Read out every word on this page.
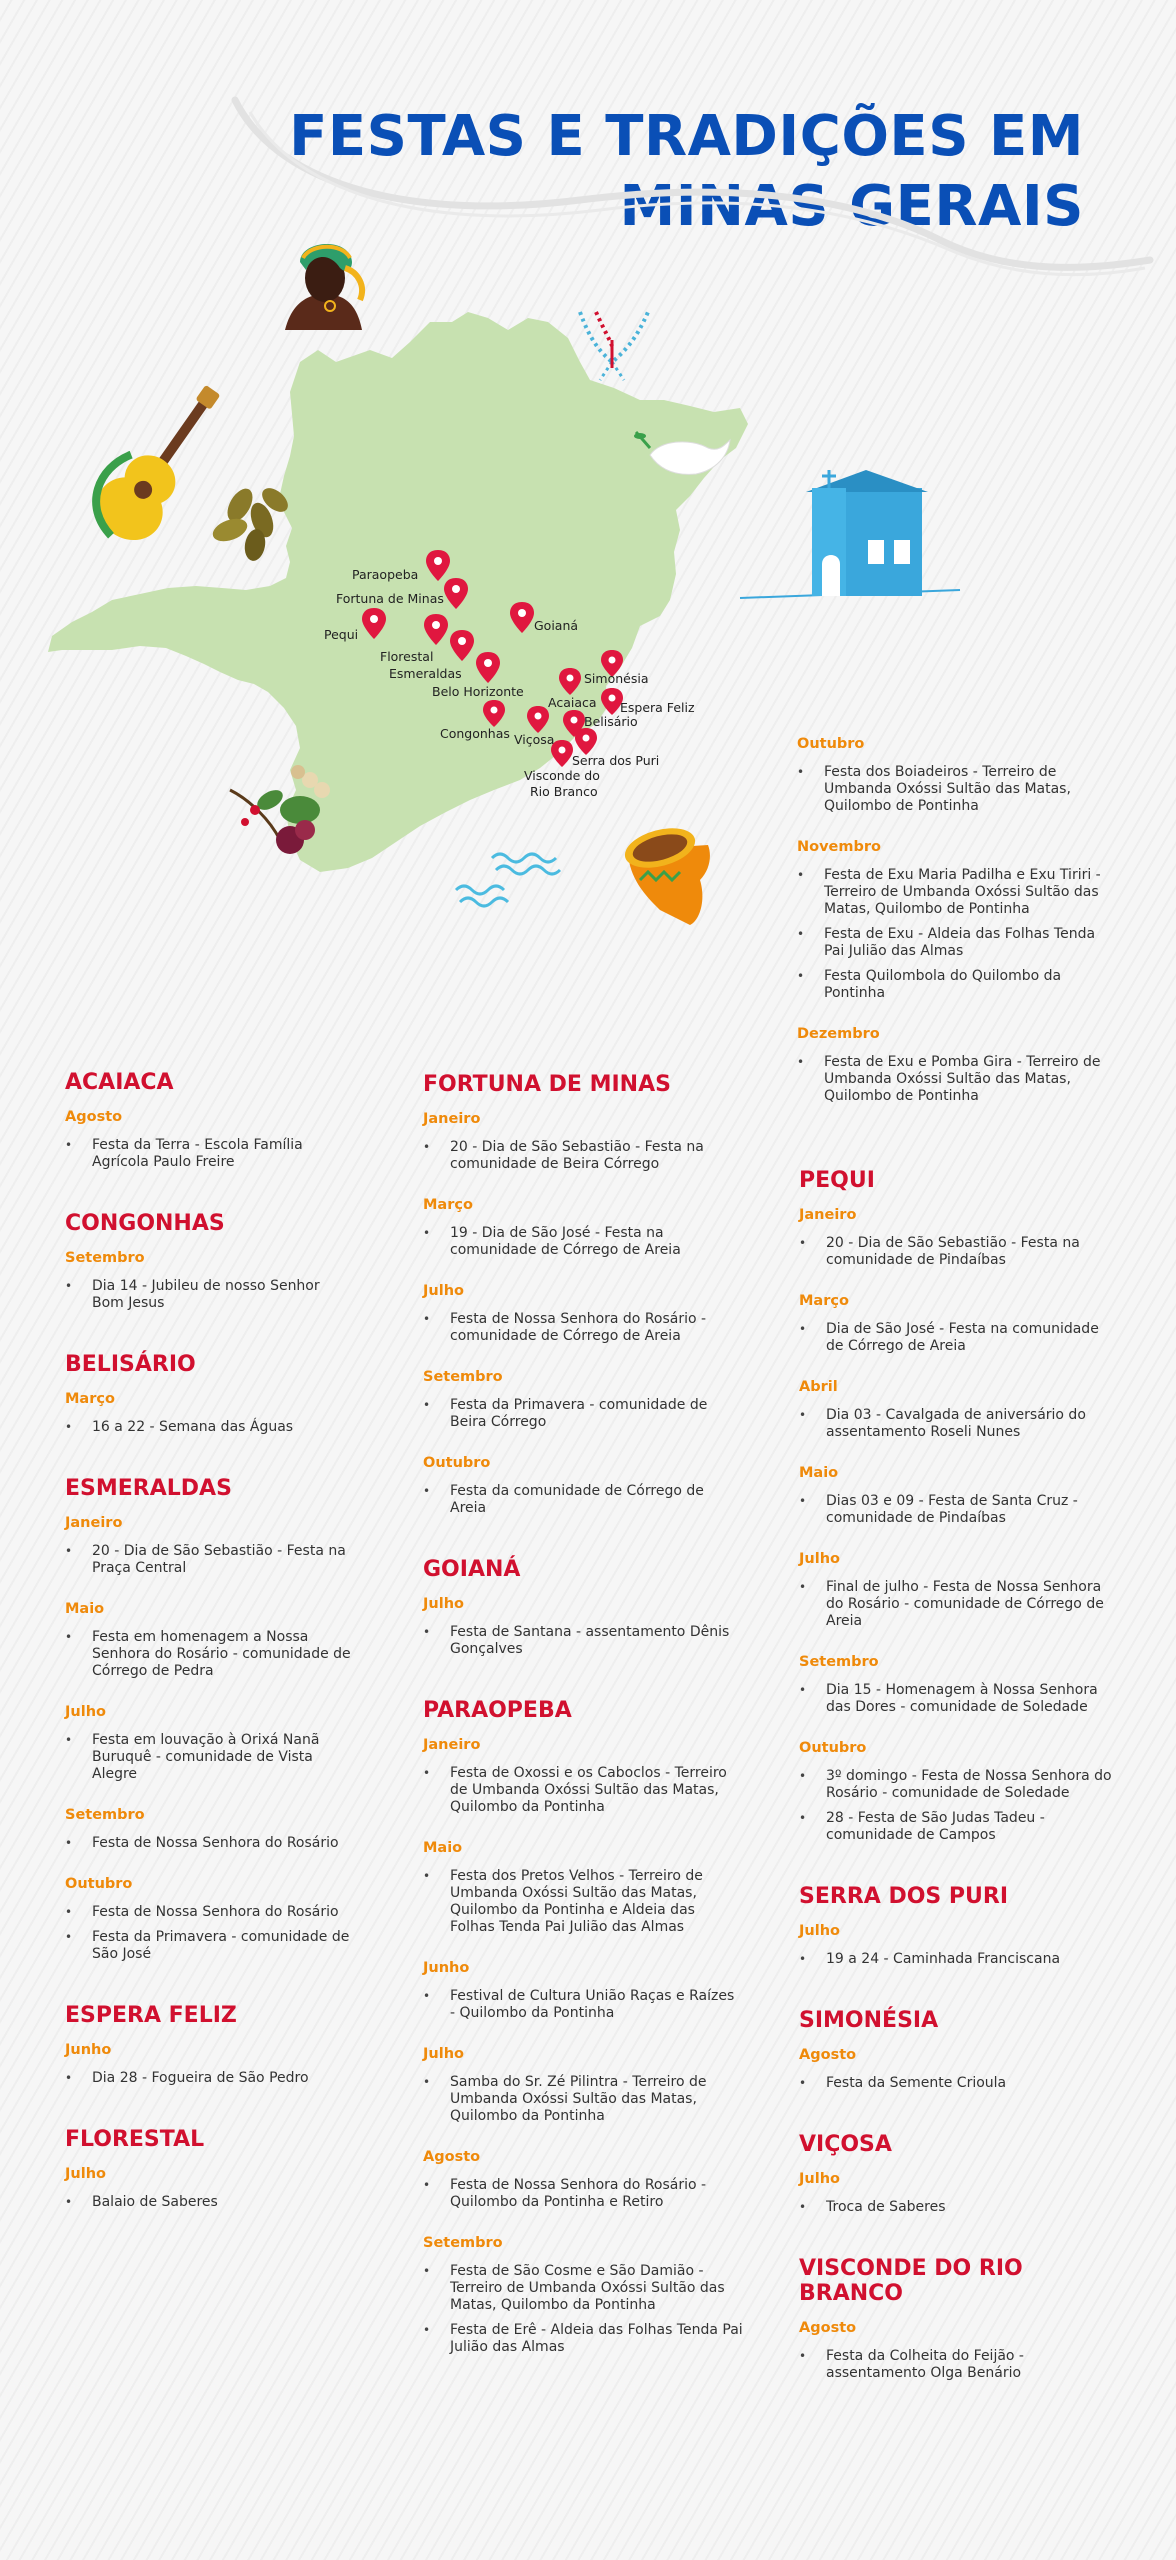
FESTAS E TRADIÇÕES EM
MINAS GERAIS
Paraopeba
Fortuna de Minas
Pequi
Goianá
Florestal
Esmeraldas
Belo Horizonte
Simonésia
Acaiaca Espera Feliz
Belisário
Congonhas Viçosa
Serra dos Puri
Visconde do
Rio Branco
ACAIACA
Agosto
• Festa da Terra - Escola Família Agrícola Paulo Freire
CONGONHAS
Setembro
• Dia 14 - Jubileu de nosso Senhor Bom Jesus
BELISÁRIO
Março
• 16 a 22 - Semana das Águas
ESMERALDAS
Janeiro
• 20 - Dia de São Sebastião - Festa na Praça Central
Maio
• Festa em homenagem a Nossa Senhora do Rosário - comunidade de Córrego de Pedra
Julho
• Festa em louvação à Orixá Nanã Buruquê - comunidade de Vista Alegre
Setembro
• Festa de Nossa Senhora do Rosário
Outubro
• Festa de Nossa Senhora do Rosário
• Festa da Primavera - comunidade de São José
ESPERA FELIZ
Junho
• Dia 28 - Fogueira de São Pedro
FLORESTAL
Julho
• Balaio de Saberes
FORTUNA DE MINAS
Janeiro
• 20 - Dia de São Sebastião - Festa na comunidade de Beira Córrego
Março
• 19 - Dia de São José - Festa na comunidade de Córrego de Areia
Julho
• Festa de Nossa Senhora do Rosário - comunidade de Córrego de Areia
Setembro
• Festa da Primavera - comunidade de Beira Córrego
Outubro
• Festa da comunidade de Córrego de Areia
GOIANÁ
Julho
• Festa de Santana - assentamento Dênis Gonçalves
PARAOPEBA
Janeiro
• Festa de Oxossi e os Caboclos - Terreiro de Umbanda Oxóssi Sultão das Matas, Quilombo da Pontinha
Maio
• Festa dos Pretos Velhos - Terreiro de Umbanda Oxóssi Sultão das Matas, Quilombo da Pontinha e Aldeia das Folhas Tenda Pai Julião das Almas
Junho
• Festival de Cultura União Raças e Raízes - Quilombo da Pontinha
Julho
• Samba do Sr. Zé Pilintra - Terreiro de Umbanda Oxóssi Sultão das Matas, Quilombo da Pontinha
Agosto
• Festa de Nossa Senhora do Rosário - Quilombo da Pontinha e Retiro
Setembro
• Festa de São Cosme e São Damião - Terreiro de Umbanda Oxóssi Sultão das Matas, Quilombo da Pontinha
• Festa de Erê - Aldeia das Folhas Tenda Pai Julião das Almas
Outubro
• Festa dos Boiadeiros - Terreiro de Umbanda Oxóssi Sultão das Matas, Quilombo de Pontinha
Novembro
• Festa de Exu Maria Padilha e Exu Tiriri - Terreiro de Umbanda Oxóssi Sultão das Matas, Quilombo de Pontinha
• Festa de Exu - Aldeia das Folhas Tenda Pai Julião das Almas
• Festa Quilombola do Quilombo da Pontinha
Dezembro
• Festa de Exu e Pomba Gira - Terreiro de Umbanda Oxóssi Sultão das Matas, Quilombo de Pontinha
PEQUI
Janeiro
• 20 - Dia de São Sebastião - Festa na comunidade de Pindaíbas
Março
• Dia de São José - Festa na comunidade de Córrego de Areia
Abril
• Dia 03 - Cavalgada de aniversário do assentamento Roseli Nunes
Maio
• Dias 03 e 09 - Festa de Santa Cruz - comunidade de Pindaíbas
Julho
• Final de julho - Festa de Nossa Senhora do Rosário - comunidade de Córrego de Areia
Setembro
• Dia 15 - Homenagem à Nossa Senhora das Dores - comunidade de Soledade
Outubro
• 3º domingo - Festa de Nossa Senhora do Rosário - comunidade de Soledade
• 28 - Festa de São Judas Tadeu - comunidade de Campos
SERRA DOS PURI
Julho
• 19 a 24 - Caminhada Franciscana
SIMONÉSIA
Agosto
• Festa da Semente Crioula
VIÇOSA
Julho
• Troca de Saberes
VISCONDE DO RIO BRANCO
Agosto
• Festa da Colheita do Feijão - assentamento Olga Benário
